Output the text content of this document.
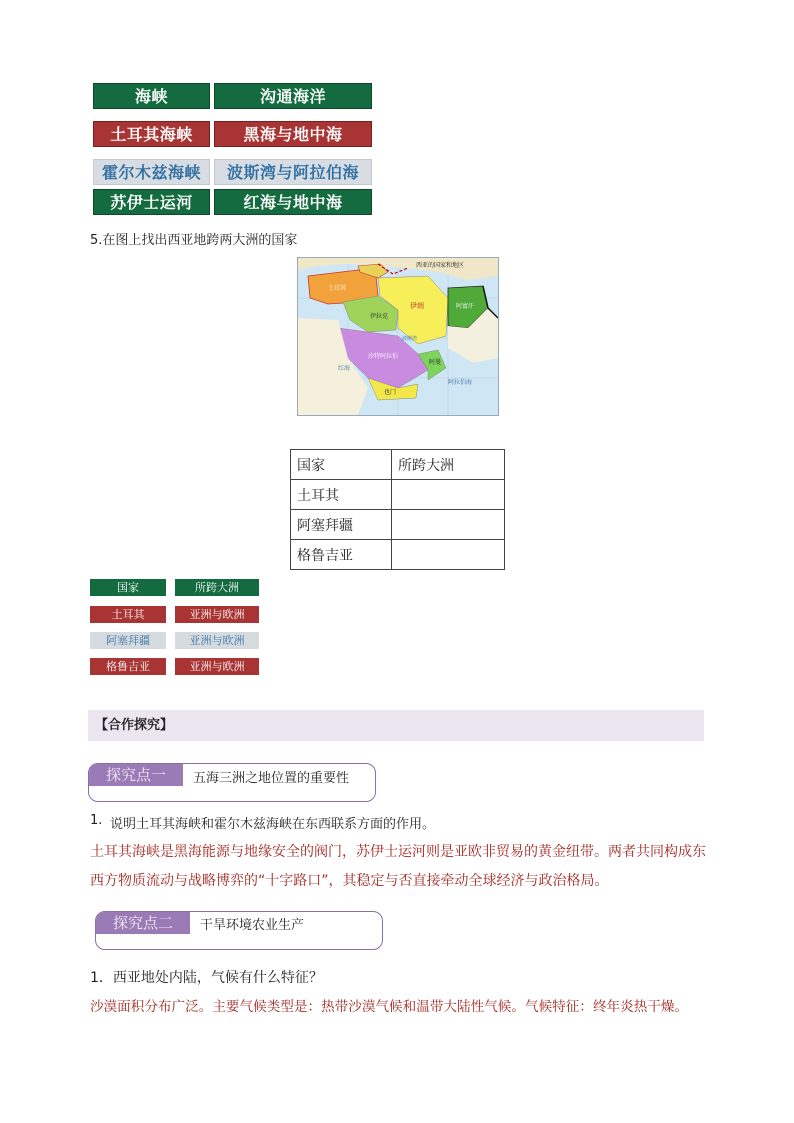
海峡	沟通海洋
土耳其海峡	黑海与地中海
霍尔木兹海峡	波斯湾与阿拉伯海
苏伊士运河	红海与地中海
5.在图上找出西亚地跨两大洲的国家
西亚的国家和地区
土耳其
伊朗
伊拉克
沙特阿拉伯
阿富汗
也门
阿曼
阿拉伯海
红海
波斯湾
国家	所跨大洲
土耳其	
阿塞拜疆	
格鲁吉亚	
国家	所跨大洲
土耳其	亚洲与欧洲
阿塞拜疆	亚洲与欧洲
格鲁吉亚	亚洲与欧洲
【合作探究】
探究点一	五海三洲之地位置的重要性
1. 说明土耳其海峡和霍尔木兹海峡在东西联系方面的作用。
土耳其海峡是黑海能源与地缘安全的阀门，苏伊士运河则是亚欧非贸易的黄金纽带。两者共同构成东西方物质流动与战略博弈的“十字路口”，其稳定与否直接牵动全球经济与政治格局。
探究点二	干旱环境农业生产
1．西亚地处内陆，气候有什么特征？
沙漠面积分布广泛。主要气候类型是：热带沙漠气候和温带大陆性气候。气候特征：终年炎热干燥。
